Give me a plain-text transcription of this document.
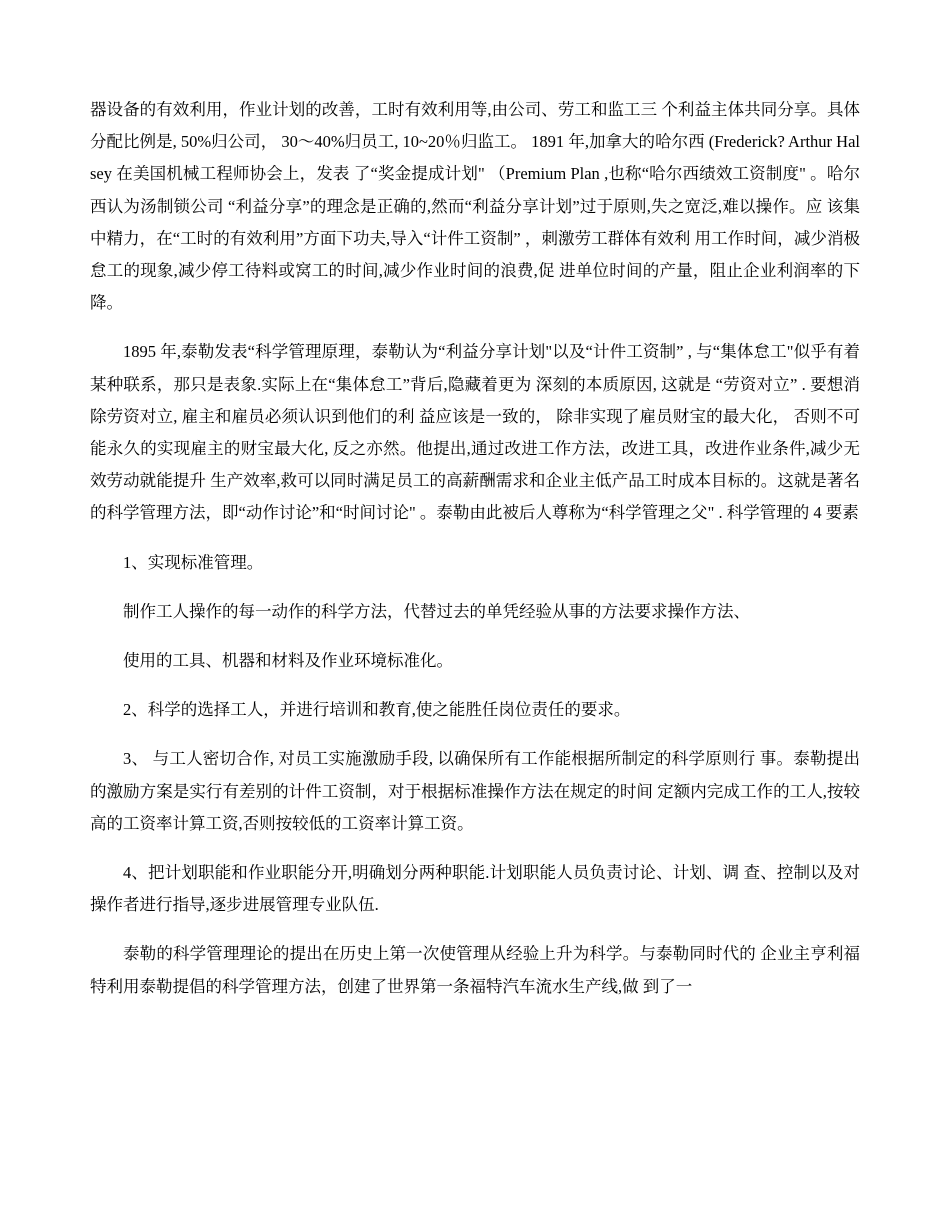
器设备的有效利用，作业计划的改善，工时有效利用等,由公司、劳工和监工三 个利益主体共同分享。具体分配比例是, 50%归公司， 30～40%归员工, 10~20％归监工。 1891 年,加拿大的哈尔西 (Frederick? Arthur Halsey 在美国机械工程师协会上，发表 了“奖金提成计划" （Premium Plan ,也称“哈尔西绩效工资制度" 。哈尔西认为汤制锁公司 “利益分享”的理念是正确的,然而“利益分享计划”过于原则,失之宽泛,难以操作。应 该集中精力，在“工时的有效利用”方面下功夫,导入“计件工资制” ，刺激劳工群体有效利 用工作时间，减少消极怠工的现象,减少停工待料或窝工的时间,减少作业时间的浪费,促 进单位时间的产量，阻止企业利润率的下降。

1895 年,泰勒发表“科学管理原理，泰勒认为“利益分享计划"以及“计件工资制” , 与“集体怠工"似乎有着某种联系，那只是表象.实际上在“集体怠工”背后,隐藏着更为 深刻的本质原因, 这就是 “劳资对立” . 要想消除劳资对立, 雇主和雇员必须认识到他们的利 益应该是一致的， 除非实现了雇员财宝的最大化， 否则不可能永久的实现雇主的财宝最大化, 反之亦然。他提出,通过改进工作方法，改进工具，改进作业条件,减少无效劳动就能提升 生产效率,救可以同时满足员工的高薪酬需求和企业主低产品工时成本目标的。这就是著名 的科学管理方法，即“动作讨论”和“时间讨论" 。泰勒由此被后人尊称为“科学管理之父" . 科学管理的 4 要素

1、实现标准管理。

制作工人操作的每一动作的科学方法，代替过去的单凭经验从事的方法要求操作方法、

使用的工具、机器和材料及作业环境标准化。

2、科学的选择工人，并进行培训和教育,使之能胜任岗位责任的要求。

3、 与工人密切合作, 对员工实施激励手段, 以确保所有工作能根据所制定的科学原则行 事。泰勒提出的激励方案是实行有差别的计件工资制，对于根据标准操作方法在规定的时间 定额内完成工作的工人,按较高的工资率计算工资,否则按较低的工资率计算工资。

4、把计划职能和作业职能分开,明确划分两种职能.计划职能人员负责讨论、计划、调 查、控制以及对操作者进行指导,逐步进展管理专业队伍.

泰勒的科学管理理论的提出在历史上第一次使管理从经验上升为科学。与泰勒同时代的 企业主亨利福特利用泰勒提倡的科学管理方法，创建了世界第一条福特汽车流水生产线,做 到了一
